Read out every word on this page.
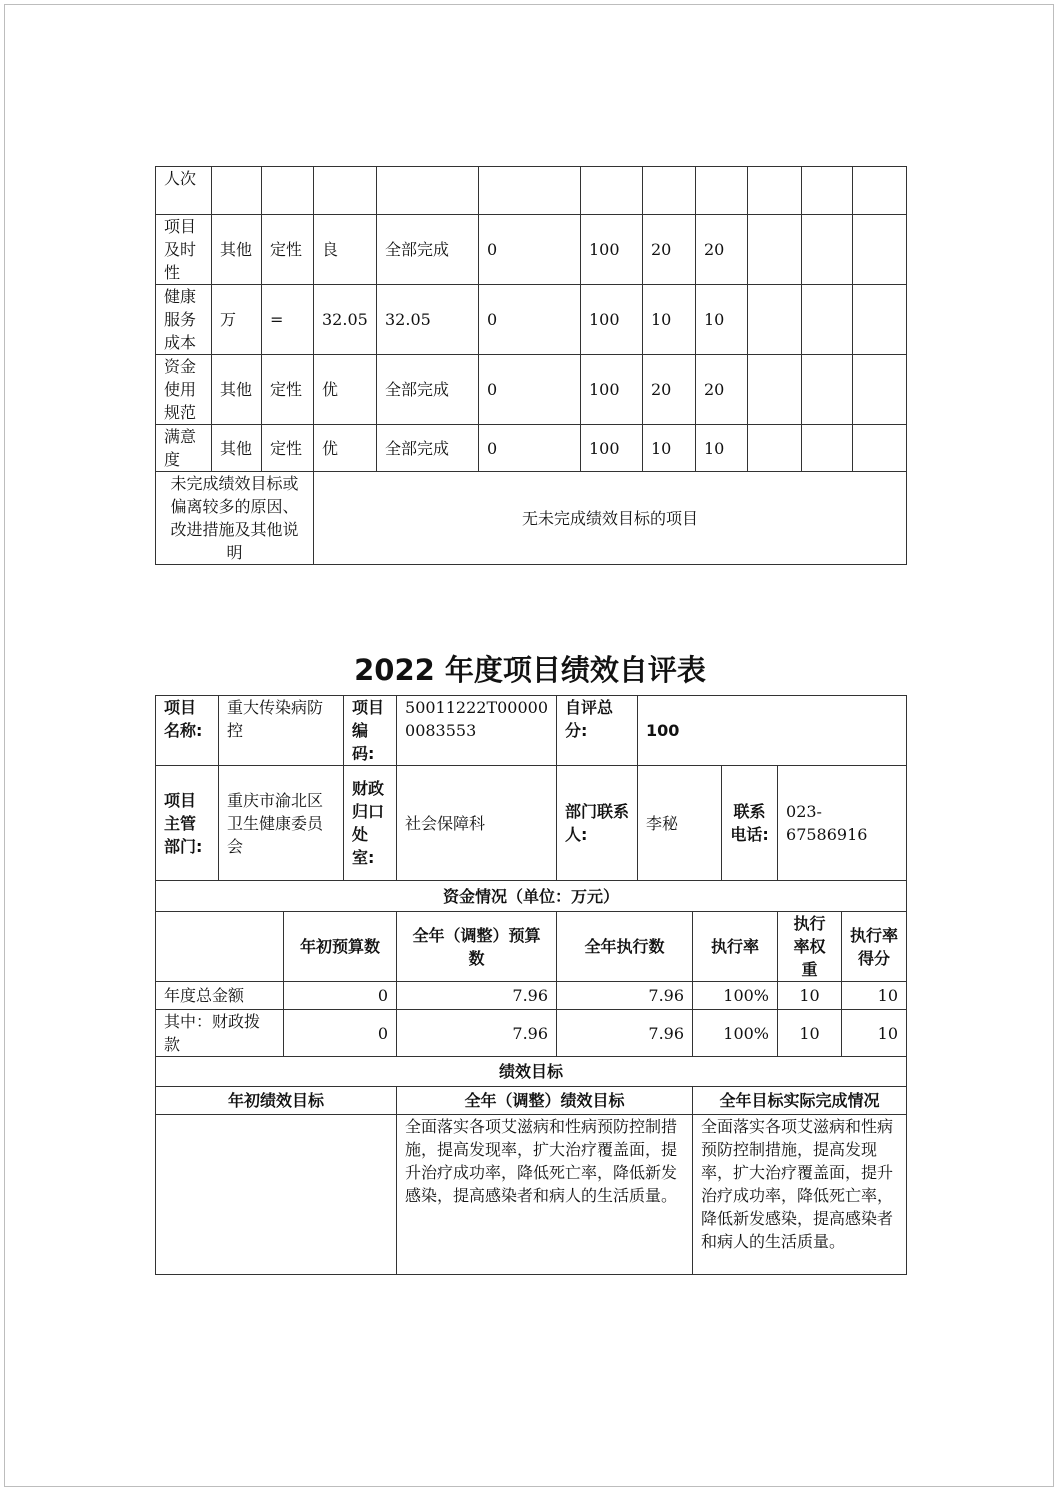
人次											
项目及时性	其他	定性	良	全部完成	0	100	20	20			
健康服务成本	万	=	32.05	32.05	0	100	10	10			
资金使用规范	其他	定性	优	全部完成	0	100	20	20			
满意度	其他	定性	优	全部完成	0	100	10	10			
未完成绩效目标或偏离较多的原因、改进措施及其他说明			无未完成绩效目标的项目								
2022 年度项目绩效自评表
项目名称:	重大传染病防控		项目编码:	50011222T000000083553	自评总分:	100				
项目主管部门:	重庆市渝北区卫生健康委员会		财政归口处室:	社会保障科	部门联系人:	李秘		联系电话:	023-67586916	
资金情况（单位：万元）										
		年初预算数		全年（调整）预算数	全年执行数		执行率		执行率权重	执行率得分
年度总金额		0		7.96	7.96		100%		10	10
其中：财政拨款		0		7.96	7.96		100%		10	10
绩效目标										
年初绩效目标				全年（调整）绩效目标			全年目标实际完成情况			
				全面落实各项艾滋病和性病预防控制措施，提高发现率，扩大治疗覆盖面，提升治疗成功率，降低死亡率，降低新发感染，提高感染者和病人的生活质量。			全面落实各项艾滋病和性病预防控制措施，提高发现率，扩大治疗覆盖面，提升治疗成功率，降低死亡率，降低新发感染，提高感染者和病人的生活质量。			
